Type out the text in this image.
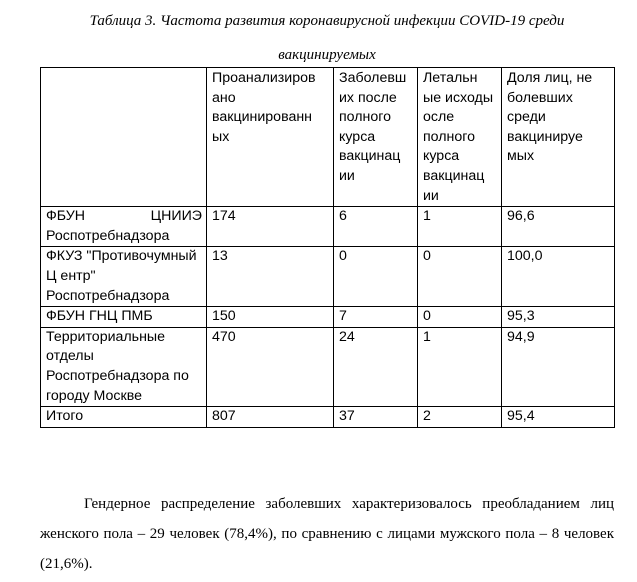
Таблица 3. Частота развития коронавирусной инфекции COVID-19 среди
вакцинируемых
	Проанализиров ано вакцинированн ых	Заболевш их после полного курса вакцинац ии	Летальн ые исходы осле полного курса вакцинац ии	Доля лиц, не болевших среди вакцинируе мых
ФБУН ЦНИИЭ Роспотребнадзора	174	6	1	96,6
ФКУЗ "Противочумный Ц ентр" Роспотребнадзора	13	0	0	100,0
ФБУН ГНЦ ПМБ	150	7	0	95,3
Территориальные отделы Роспотребнадзора по городу Москве	470	24	1	94,9
Итого	807	37	2	95,4

Гендерное распределение заболевших характеризовалось преобладанием лиц женского пола – 29 человек (78,4%), по сравнению с лицами мужского пола – 8 человек (21,6%).
